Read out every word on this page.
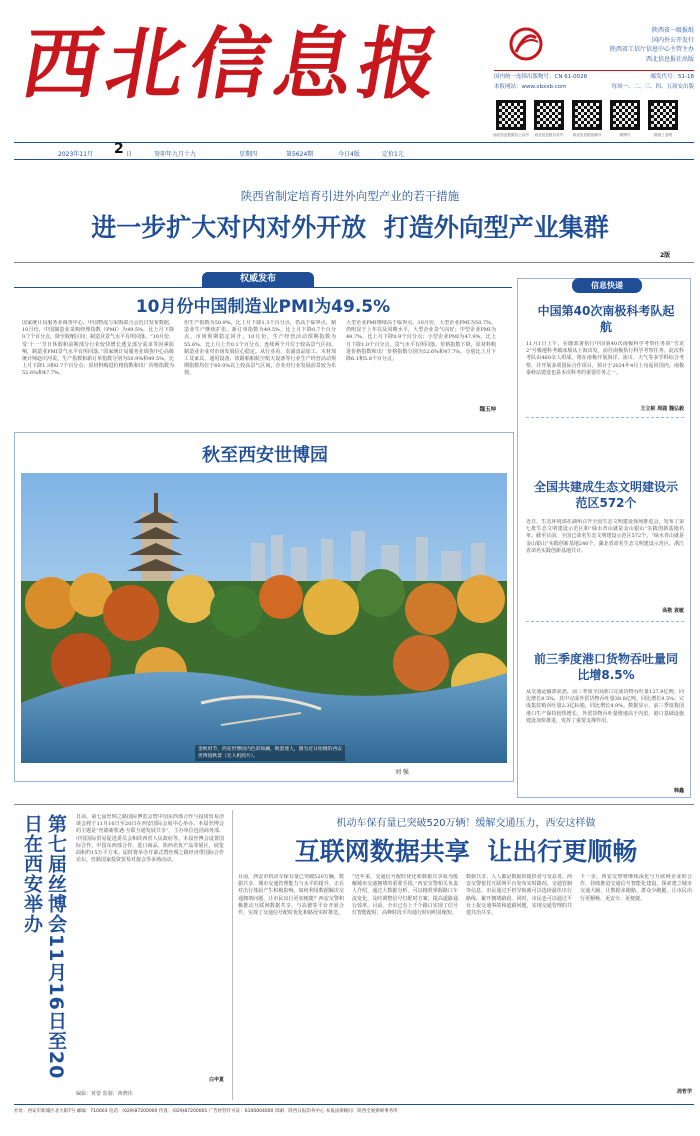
西北信息报	陕西省一级报纸
国内外公开发行
陕西省工信厅信息中心主管主办
西北信息报社出版
国内统一连续出版物号：CN 61-0028	邮发代号：51-18
本报网站：www.xbxxb.com	每周一、二、三、四、五周安出版
西北信息报微信公众号	西北信息报抖音号	西北信息报视频号	微博号	陕西工业网
2023年11月 2 日	癸卯年九月十九	星期四	第5624期	今日4版	定价1元
陕西省制定培育引进外向型产业的若干措施
进一步扩大对内对外开放  打造外向型产业集群
2版
权威发布
10月份中国制造业PMI为49.5%
国家统计局服务业调查中心、中国物流与采购联合会近日发布数据，10月份，中国制造业采购经理指数（PMI）为49.5%，比上月下降0.7个百分点，降至收缩区间；制造业景气水平有所回落。“10月份，受‘十一’节日休假和前期部分行业较快增长透支部分需求等因素影响，制造业PMI景气水平有所回落。”国家统计局服务业调查中心高级统计师赵庆河说。生产指数和新订单指数分别为50.9%和49.5%，比上月下降1.3和0.7个百分点；原材料购进价格指数和出厂价格指数为52.6%和47.7%。
但生产指数为50.9%，比上月下降1.3个百分点，仍高于临界点，制造业生产继续扩张。新订单指数为49.5%，比上月下降0.7个百分点。市场预期稳定回升。10月份，生产经营活动预期指数为55.6%，比上月上升0.1个百分点，连续两个月位于较高景气区间，制造业企业对市场发展信心稳定。从行业看，农副食品加工、木材加工及家具、通用设备、铁路船舶航空航天设备等行业生产经营活动预期指数均位于60.0%以上较高景气区间，企业对行业发展前景较为乐观。
大型企业PMI继续高于临界点。10月份，大型企业PMI为50.7%，仍明显于上年以及同期水平，大型企业景气向好；中型企业PMI为48.7%，比上月下降0.9个百分点；小型企业PMI为47.9%，比上月下降1.0个百分点，景气水平有所回落。价格指数下降，原材料购进价格指数和出厂价格指数分别为52.6%和47.7%，分别比上月下降6.1和5.8个百分点。
魏玉坤
秋至西安世博园
金秋时节，西安世博园内色彩斑斓，秋景迷人，图为近日拍摄的西安世博园秋景（无人机照片）。
刘 强
信息快递
中国第40次南极科考队起航
11月1日上午，在随部署执行中国第40次南极科学考察任务的“雪龙2”号极地科考破冰船从上海出发，前往南极执行科学考察任务。此次科考队由460余人组成，将在南极开展海洋、冰川、大气等多学科综合考察，并开展多项国际合作项目，预计于2024年4月上旬返回国内。南极秦岭站建设也是本次科考的重要任务之一。
王立彬 周圆 魏弘毅
全国共建成生态文明建设示范区572个
近日，生态环境部在湖州召开全国生态文明建设现场推进会，发布了第七批生态文明建设示范区和“绿水青山就是金山银山”实践创新基地名单。截至目前，全国已命名生态文明建设示范区572个，“绿水青山就是金山银山”实践创新基地240个。湖北省命名生态文明建设示范区、浙江省命名实践创新基地共计。
高敬 袁敏
前三季度港口货物吞吐量同比增8.5%
从交通运输部获悉，前三季度全国港口完成货物吞吐量127.9亿吨，同比增长8.5%，其中完成外贸货物吞吐量38.8亿吨，同比增长9.5%；完成集装箱吞吐量2.3亿标箱，同比增长4.9%。数据显示，前三季度我国港口生产保持较快增长，外贸货物吞吐量增速高于内贸，港口基础设施建设加快推进，发挥了重要支撑作用。
韩鑫
第七届丝博会11月16日至20日在西安举办	日前，第七届丝绸之路国际博览会暨中国东西部合作与投资贸易洽谈会将于11月16日至20日在西安国际会展中心举办。本届丝博会的主题是“丝路新机遇·互联互通发展共享”，主办单位包括商务部、中国国际贸易促进委员会和陕西省人民政府等。本届丝博会设置国际合作、中国东西部合作、进口商品、陕西名优产品等展区，展览面积约15万平方米。届时将举办开幕式暨丝绸之路经济带国际合作论坛、丝路国家投资贸易对接会等多场活动。
白申夏
编辑：黄蕾 监制：蒋晓伟
机动车保有量已突破520万辆！缓解交通压力，西安这样做
互联网数据共享  让出行更顺畅
目前，西安市机动车保有量已突破520万辆，数据共享、城市交通管理能力与水平的提升，正在对出行体验产生积极影响。如何利用数据解决交通拥堵问题，让市民出行更加便捷？西安交警积极推动互联网数据共享，与高德等平台开展合作，实现了交通信号配时优化和路况实时推送。
“近年来，交通信号配时优化和数据共享成为缓解城市交通拥堵的重要手段。”西安交警相关负责人介绍，通过大数据分析，可以精准掌握路口车流变化，及时调整信号灯配时方案，提高道路通行效率。目前，全市已有上千个路口实现了信号灯智能配时，高峰时段平均通行时间明显缩短。
数据共享，人人都是数据的提供者与受益者。西安交警依托互联网平台发布实时路况、交通管制等信息，市民通过手机导航就可以选择最佳出行路线，避开拥堵路段。同时，市民也可以通过平台上报交通事故和道路问题，实现交通管理的共建共治共享。
下一步，西安交警将继续深化与互联网企业的合作，持续推进交通信号智能化建设，探索建立城市交通大脑，让数据多跑路、群众少跑腿，让市民出行更顺畅、更安全、更便捷。
周哲学
社址：西安市新城区北大街7号 邮编：710003 电话：(029)87200000 传真：(029)87200001 广告经营许可证：6100004000 印刷：陕西日报印务中心 本报法律顾问：陕西全观律师事务所
